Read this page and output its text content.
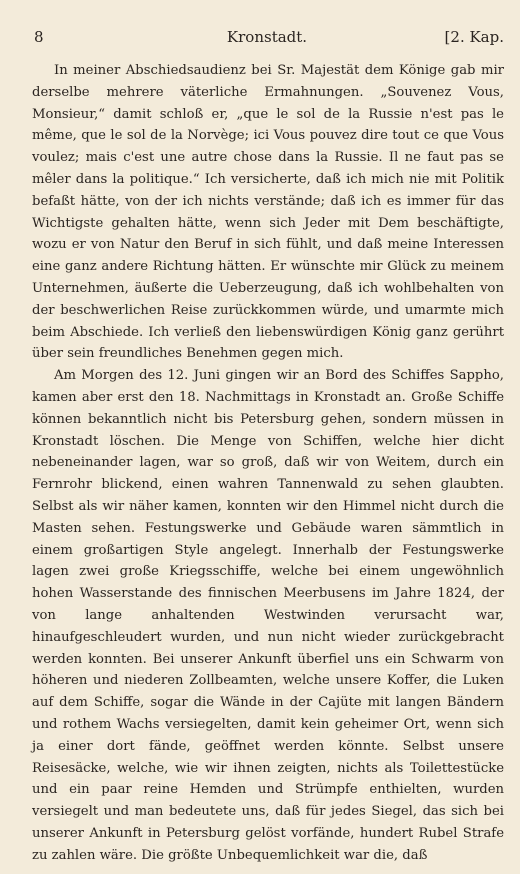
8	Kronstadt.	[2. Kap.

In meiner Abschiedsaudienz bei Sr. Majestät dem Könige gab mir derselbe mehrere väterliche Ermahnungen. „Souvenez Vous, Monsieur,“ damit schloß er, „que le sol de la Russie n'est pas le même, que le sol de la Norvège; ici Vous pouvez dire tout ce que Vous voulez; mais c'est une autre chose dans la Russie. Il ne faut pas se mêler dans la politique.“ Ich versicherte, daß ich mich nie mit Politik befaßt hätte, von der ich nichts verstände; daß ich es immer für das Wichtigste gehalten hätte, wenn sich Jeder mit Dem beschäftigte, wozu er von Natur den Beruf in sich fühlt, und daß meine Interessen eine ganz andere Richtung hätten. Er wünschte mir Glück zu meinem Unternehmen, äußerte die Ueberzeugung, daß ich wohlbehalten von der beschwerlichen Reise zurückkommen würde, und umarmte mich beim Abschiede. Ich verließ den liebenswürdigen König ganz gerührt über sein freundliches Benehmen gegen mich.

Am Morgen des 12. Juni gingen wir an Bord des Schiffes Sappho, kamen aber erst den 18. Nachmittags in Kronstadt an. Große Schiffe können bekanntlich nicht bis Petersburg gehen, sondern müssen in Kronstadt löschen. Die Menge von Schiffen, welche hier dicht nebeneinander lagen, war so groß, daß wir von Weitem, durch ein Fernrohr blickend, einen wahren Tannenwald zu sehen glaubten. Selbst als wir näher kamen, konnten wir den Himmel nicht durch die Masten sehen. Festungswerke und Gebäude waren sämmtlich in einem großartigen Style angelegt. Innerhalb der Festungswerke lagen zwei große Kriegsschiffe, welche bei einem ungewöhnlich hohen Wasserstande des finnischen Meerbusens im Jahre 1824, der von lange anhaltenden Westwinden verursacht war, hinaufgeschleudert wurden, und nun nicht wieder zurückgebracht werden konnten. Bei unserer Ankunft überfiel uns ein Schwarm von höheren und niederen Zollbeamten, welche unsere Koffer, die Luken auf dem Schiffe, sogar die Wände in der Cajüte mit langen Bändern und rothem Wachs versiegelten, damit kein geheimer Ort, wenn sich ja einer dort fände, geöffnet werden könnte. Selbst unsere Reisesäcke, welche, wie wir ihnen zeigten, nichts als Toilettestücke und ein paar reine Hemden und Strümpfe enthielten, wurden versiegelt und man bedeutete uns, daß für jedes Siegel, das sich bei unserer Ankunft in Petersburg gelöst vorfände, hundert Rubel Strafe zu zahlen wäre. Die größte Unbequemlichkeit war die, daß
